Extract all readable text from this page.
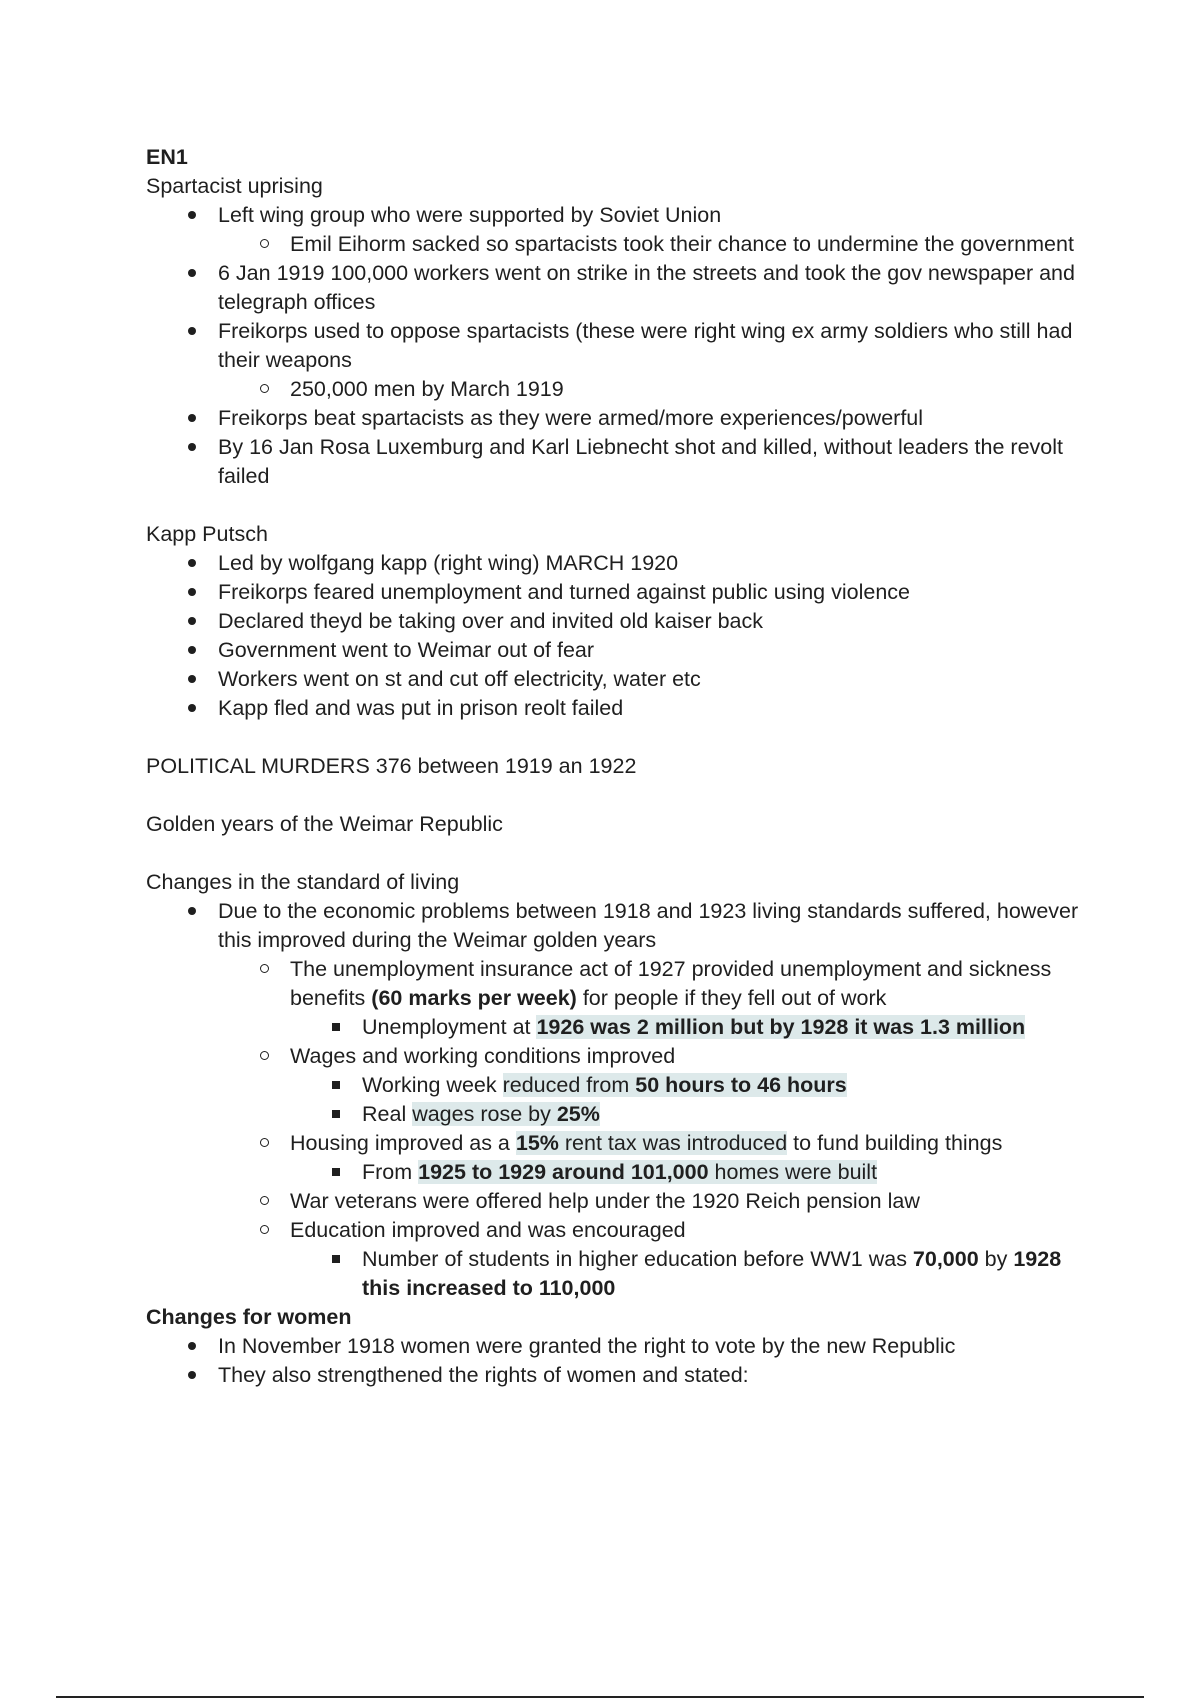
EN1

Spartacist uprising

Left wing group who were supported by Soviet Union
Emil Eihorm sacked so spartacists took their chance to undermine the government
6 Jan 1919 100,000 workers went on strike in the streets and took the gov newspaper and telegraph offices
Freikorps used to oppose spartacists (these were right wing ex army soldiers who still had their weapons
250,000 men by March 1919
Freikorps beat spartacists as they were armed/more experiences/powerful
By 16 Jan Rosa Luxemburg and Karl Liebnecht shot and killed, without leaders the revolt failed

Kapp Putsch

Led by wolfgang kapp (right wing) MARCH 1920
Freikorps feared unemployment and turned against public using violence
Declared theyd be taking over and invited old kaiser back
Government went to Weimar out of fear
Workers went on st and cut off electricity, water etc
Kapp fled and was put in prison reolt failed

POLITICAL MURDERS 376 between 1919 an 1922

Golden years of the Weimar Republic

Changes in the standard of living

Due to the economic problems between 1918 and 1923 living standards suffered, however this improved during the Weimar golden years
The unemployment insurance act of 1927 provided unemployment and sickness benefits (60 marks per week) for people if they fell out of work
Unemployment at 1926 was 2 million but by 1928 it was 1.3 million
Wages and working conditions improved
Working week reduced from 50 hours to 46 hours
Real wages rose by 25%
Housing improved as a 15% rent tax was introduced to fund building things
From 1925 to 1929 around 101,000 homes were built
War veterans were offered help under the 1920 Reich pension law
Education improved and was encouraged
Number of students in higher education before WW1 was 70,000 by 1928 this increased to 110,000

Changes for women

In November 1918 women were granted the right to vote by the new Republic
They also strengthened the rights of women and stated:
